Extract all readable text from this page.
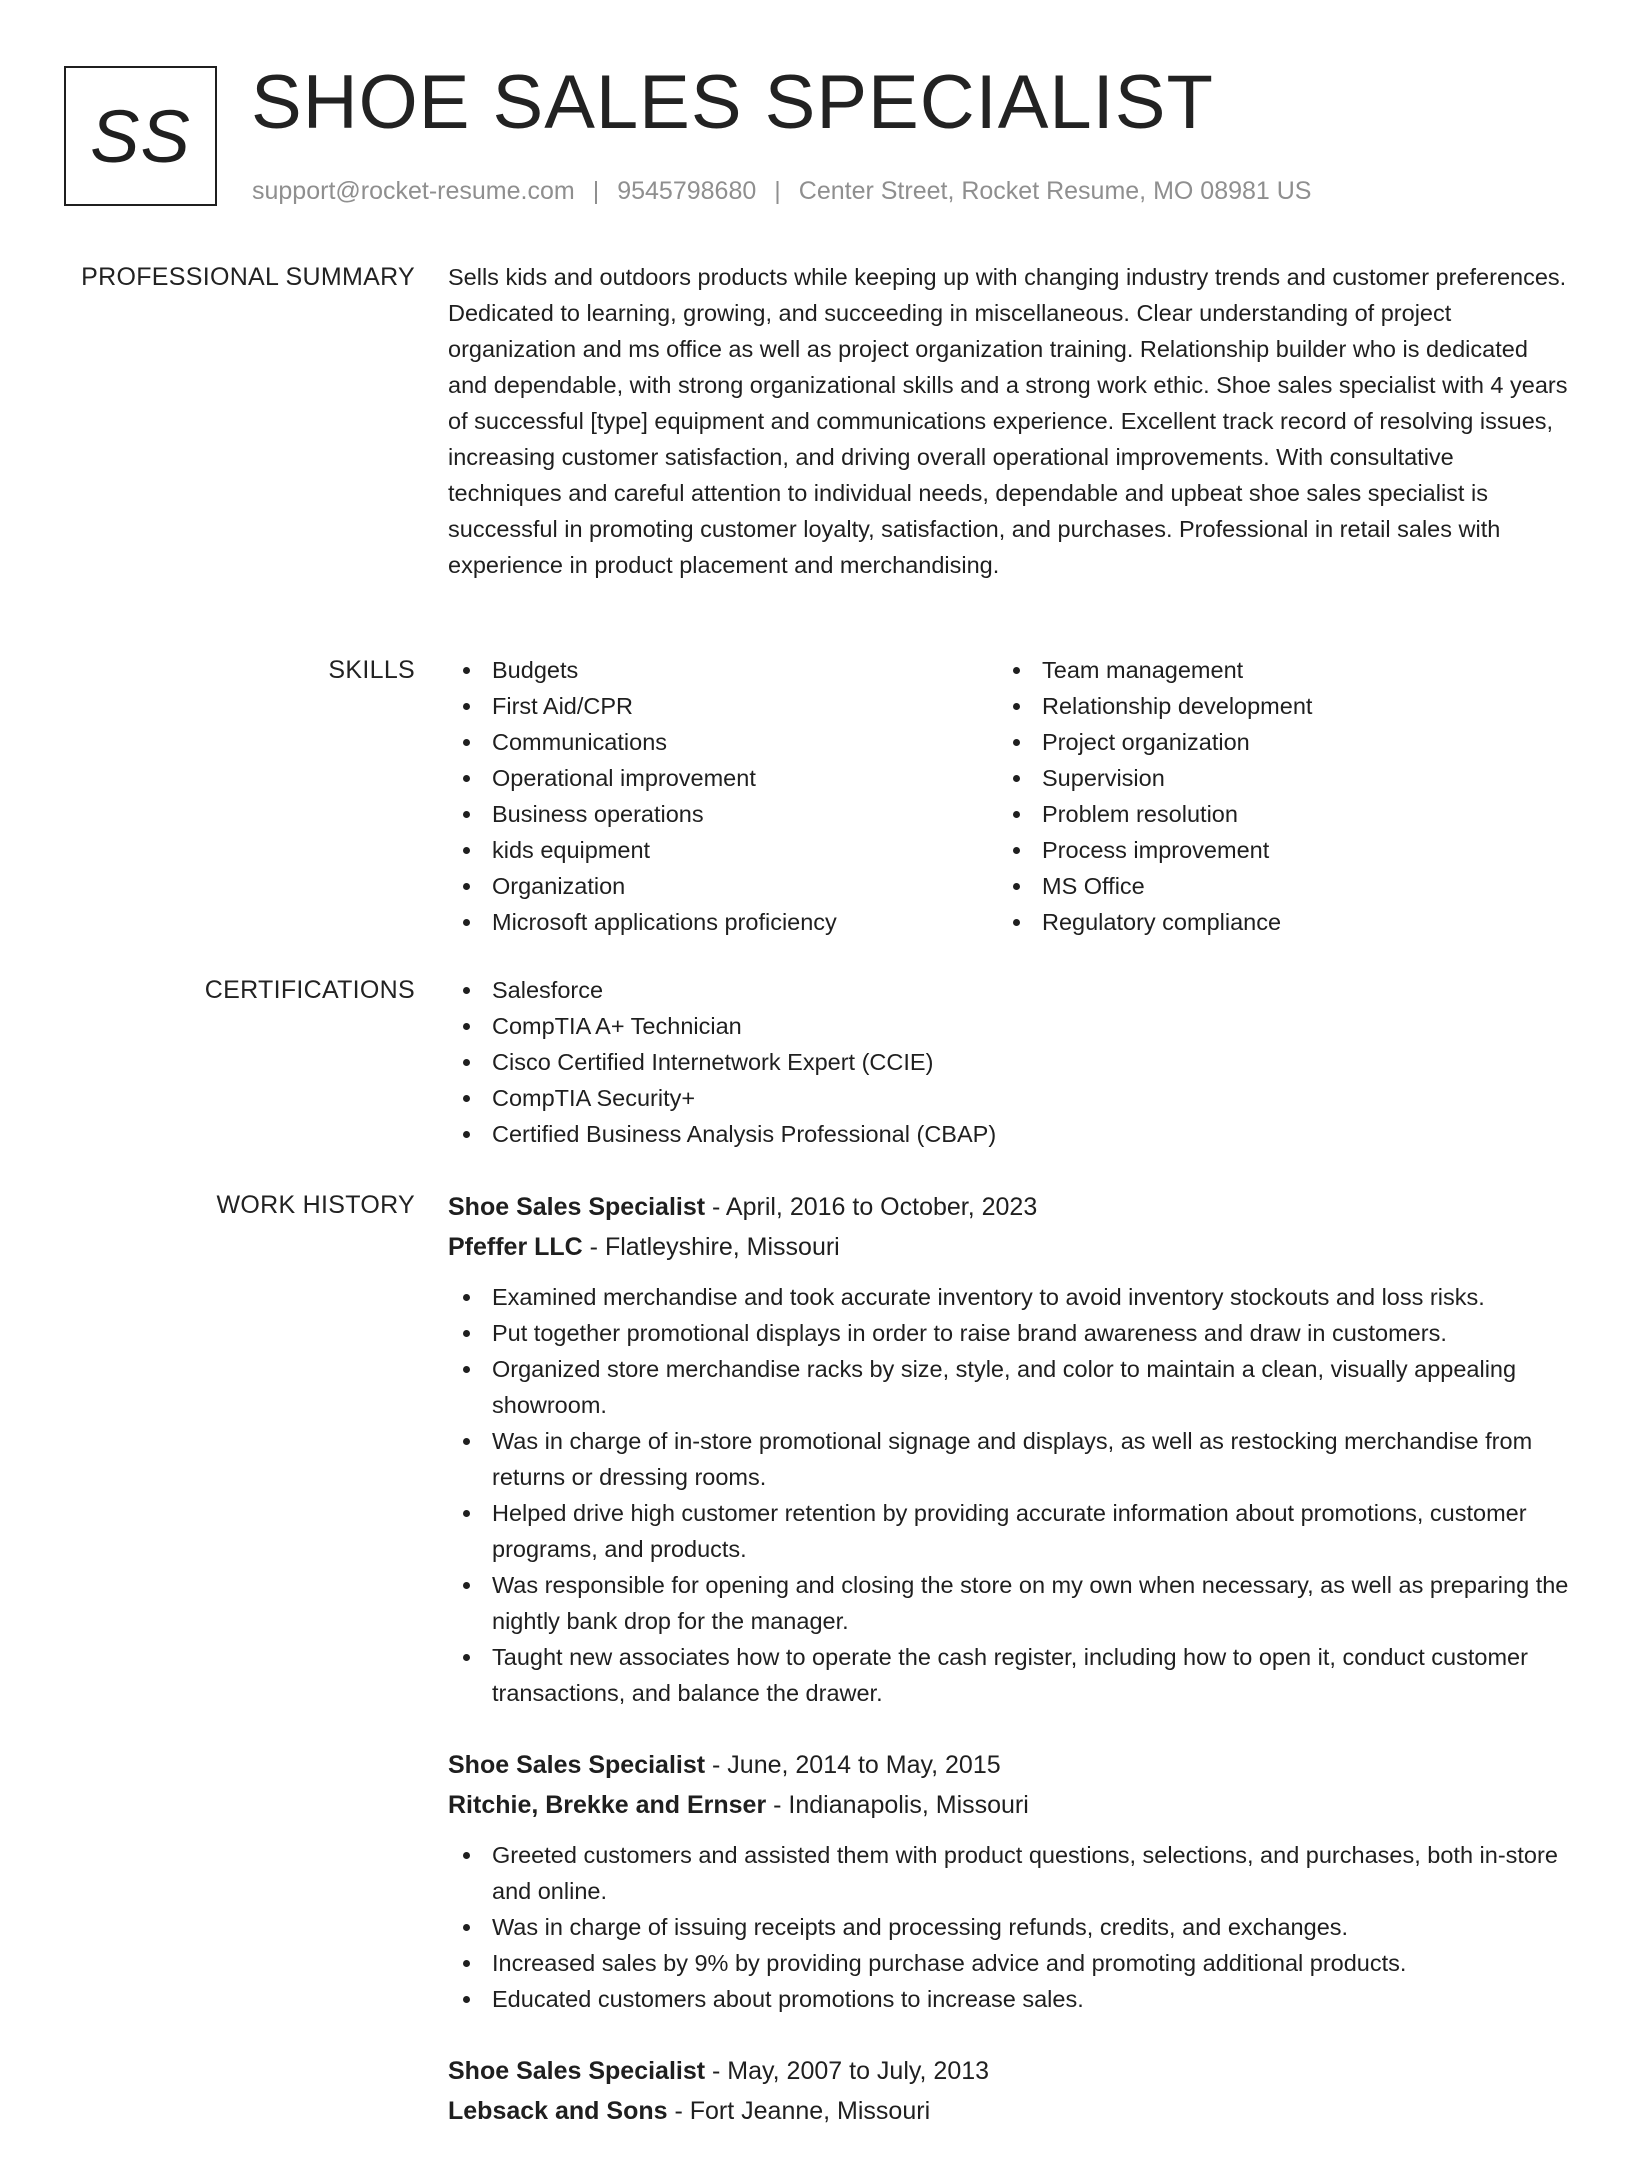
SS SHOE SALES SPECIALIST
support@rocket-resume.com | 9545798680 | Center Street, Rocket Resume, MO 08981 US
PROFESSIONAL SUMMARY Sells kids and outdoors products while keeping up with changing industry trends and customer preferences. Dedicated to learning, growing, and succeeding in miscellaneous. Clear understanding of project organization and ms office as well as project organization training. Relationship builder who is dedicated and dependable, with strong organizational skills and a strong work ethic. Shoe sales specialist with 4 years of successful [type] equipment and communications experience. Excellent track record of resolving issues, increasing customer satisfaction, and driving overall operational improvements. With consultative techniques and careful attention to individual needs, dependable and upbeat shoe sales specialist is successful in promoting customer loyalty, satisfaction, and purchases. Professional in retail sales with experience in product placement and merchandising.

SKILLS	Budgets
First Aid/CPR
Communications
Operational improvement
Business operations
kids equipment
Organization
Microsoft applications proficiency
Team management
Relationship development
Project organization
Supervision
Problem resolution
Process improvement
MS Office
Regulatory compliance
CERTIFICATIONS	Salesforce
CompTIA A+ Technician
Cisco Certified Internetwork Expert (CCIE)
CompTIA Security+
Certified Business Analysis Professional (CBAP)
WORK HISTORY Shoe Sales Specialist - April, 2016 to October, 2023
Pfeffer LLC - Flatleyshire, Missouri
Examined merchandise and took accurate inventory to avoid inventory stockouts and loss risks.
Put together promotional displays in order to raise brand awareness and draw in customers.
Organized store merchandise racks by size, style, and color to maintain a clean, visually appealing showroom.
Was in charge of in-store promotional signage and displays, as well as restocking merchandise from returns or dressing rooms.
Helped drive high customer retention by providing accurate information about promotions, customer programs, and products.
Was responsible for opening and closing the store on my own when necessary, as well as preparing the nightly bank drop for the manager.
Taught new associates how to operate the cash register, including how to open it, conduct customer transactions, and balance the drawer.
Shoe Sales Specialist - June, 2014 to May, 2015
Ritchie, Brekke and Ernser - Indianapolis, Missouri
Greeted customers and assisted them with product questions, selections, and purchases, both in-store and online.
Was in charge of issuing receipts and processing refunds, credits, and exchanges.
Increased sales by 9% by providing purchase advice and promoting additional products.
Educated customers about promotions to increase sales.
Shoe Sales Specialist - May, 2007 to July, 2013
Lebsack and Sons - Fort Jeanne, Missouri
